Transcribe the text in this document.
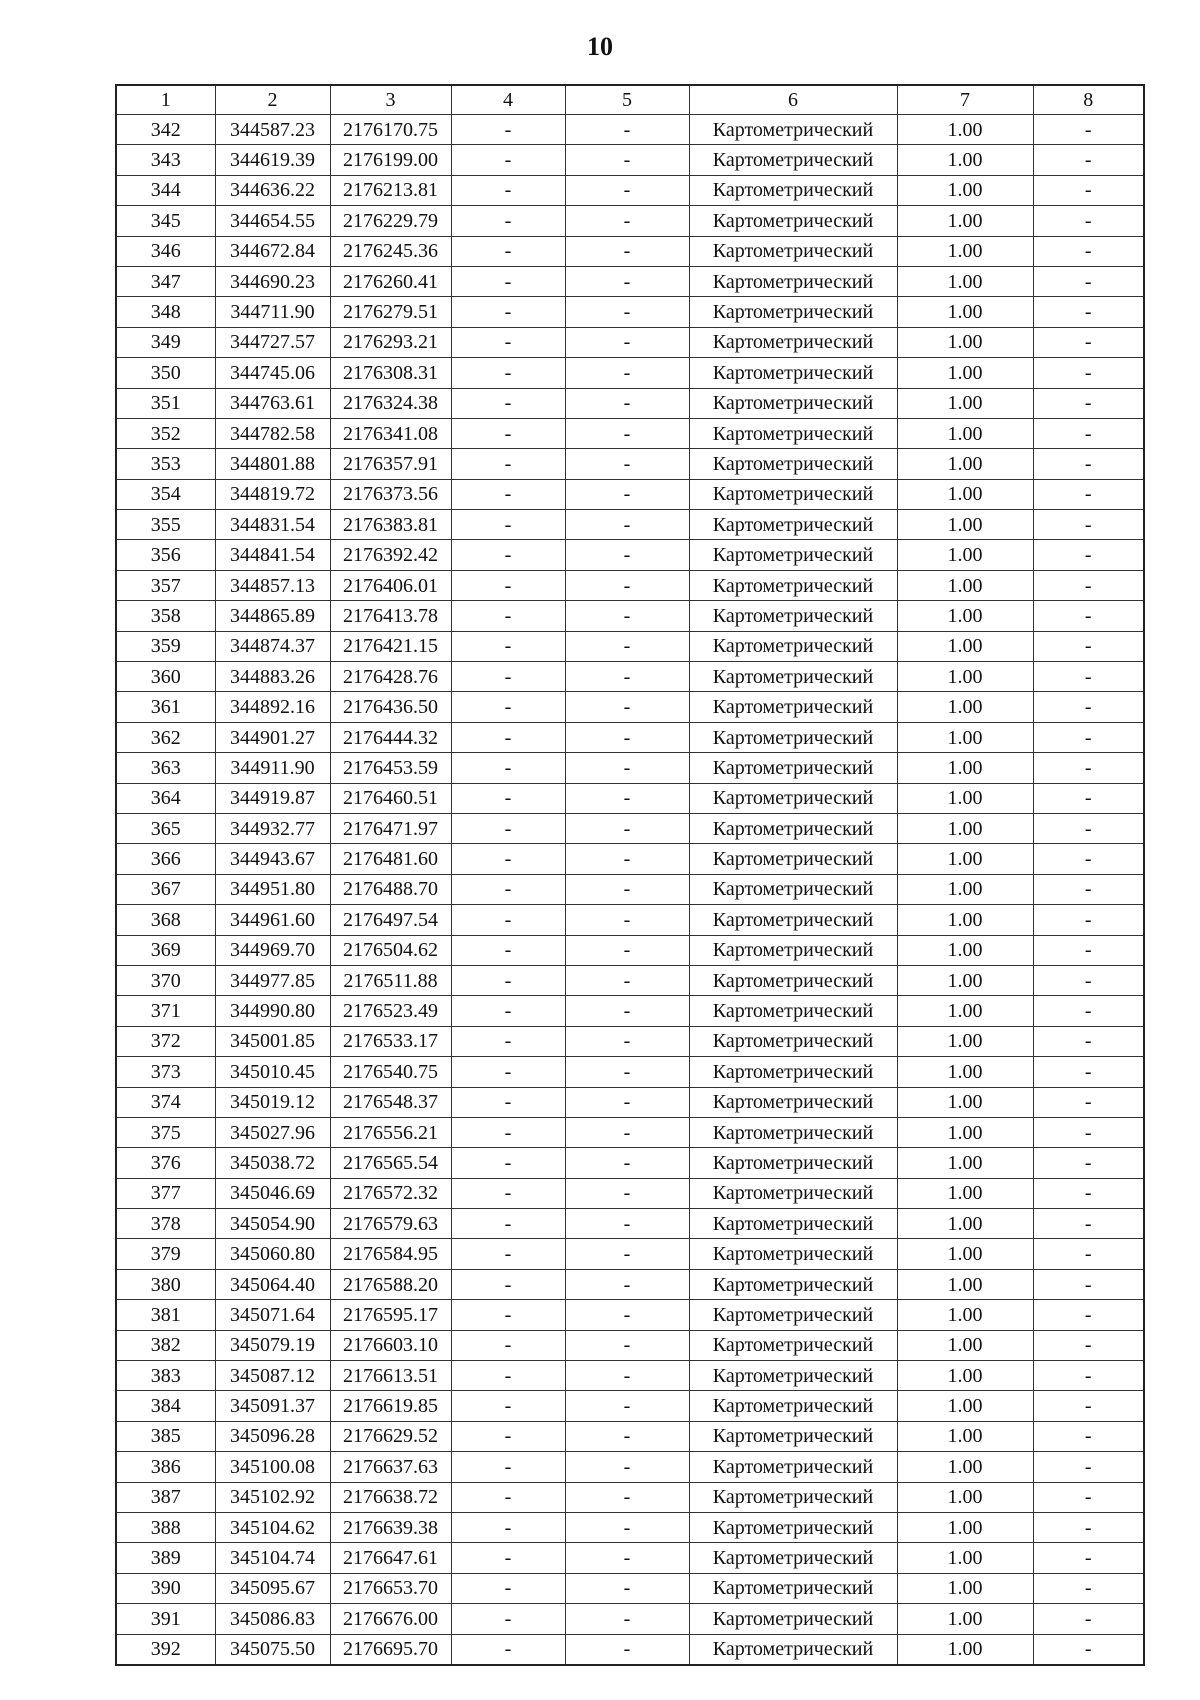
10
1	2	3	4	5	6	7	8
342	344587.23	2176170.75	-	-	Картометрический	1.00	-
343	344619.39	2176199.00	-	-	Картометрический	1.00	-
344	344636.22	2176213.81	-	-	Картометрический	1.00	-
345	344654.55	2176229.79	-	-	Картометрический	1.00	-
346	344672.84	2176245.36	-	-	Картометрический	1.00	-
347	344690.23	2176260.41	-	-	Картометрический	1.00	-
348	344711.90	2176279.51	-	-	Картометрический	1.00	-
349	344727.57	2176293.21	-	-	Картометрический	1.00	-
350	344745.06	2176308.31	-	-	Картометрический	1.00	-
351	344763.61	2176324.38	-	-	Картометрический	1.00	-
352	344782.58	2176341.08	-	-	Картометрический	1.00	-
353	344801.88	2176357.91	-	-	Картометрический	1.00	-
354	344819.72	2176373.56	-	-	Картометрический	1.00	-
355	344831.54	2176383.81	-	-	Картометрический	1.00	-
356	344841.54	2176392.42	-	-	Картометрический	1.00	-
357	344857.13	2176406.01	-	-	Картометрический	1.00	-
358	344865.89	2176413.78	-	-	Картометрический	1.00	-
359	344874.37	2176421.15	-	-	Картометрический	1.00	-
360	344883.26	2176428.76	-	-	Картометрический	1.00	-
361	344892.16	2176436.50	-	-	Картометрический	1.00	-
362	344901.27	2176444.32	-	-	Картометрический	1.00	-
363	344911.90	2176453.59	-	-	Картометрический	1.00	-
364	344919.87	2176460.51	-	-	Картометрический	1.00	-
365	344932.77	2176471.97	-	-	Картометрический	1.00	-
366	344943.67	2176481.60	-	-	Картометрический	1.00	-
367	344951.80	2176488.70	-	-	Картометрический	1.00	-
368	344961.60	2176497.54	-	-	Картометрический	1.00	-
369	344969.70	2176504.62	-	-	Картометрический	1.00	-
370	344977.85	2176511.88	-	-	Картометрический	1.00	-
371	344990.80	2176523.49	-	-	Картометрический	1.00	-
372	345001.85	2176533.17	-	-	Картометрический	1.00	-
373	345010.45	2176540.75	-	-	Картометрический	1.00	-
374	345019.12	2176548.37	-	-	Картометрический	1.00	-
375	345027.96	2176556.21	-	-	Картометрический	1.00	-
376	345038.72	2176565.54	-	-	Картометрический	1.00	-
377	345046.69	2176572.32	-	-	Картометрический	1.00	-
378	345054.90	2176579.63	-	-	Картометрический	1.00	-
379	345060.80	2176584.95	-	-	Картометрический	1.00	-
380	345064.40	2176588.20	-	-	Картометрический	1.00	-
381	345071.64	2176595.17	-	-	Картометрический	1.00	-
382	345079.19	2176603.10	-	-	Картометрический	1.00	-
383	345087.12	2176613.51	-	-	Картометрический	1.00	-
384	345091.37	2176619.85	-	-	Картометрический	1.00	-
385	345096.28	2176629.52	-	-	Картометрический	1.00	-
386	345100.08	2176637.63	-	-	Картометрический	1.00	-
387	345102.92	2176638.72	-	-	Картометрический	1.00	-
388	345104.62	2176639.38	-	-	Картометрический	1.00	-
389	345104.74	2176647.61	-	-	Картометрический	1.00	-
390	345095.67	2176653.70	-	-	Картометрический	1.00	-
391	345086.83	2176676.00	-	-	Картометрический	1.00	-
392	345075.50	2176695.70	-	-	Картометрический	1.00	-
